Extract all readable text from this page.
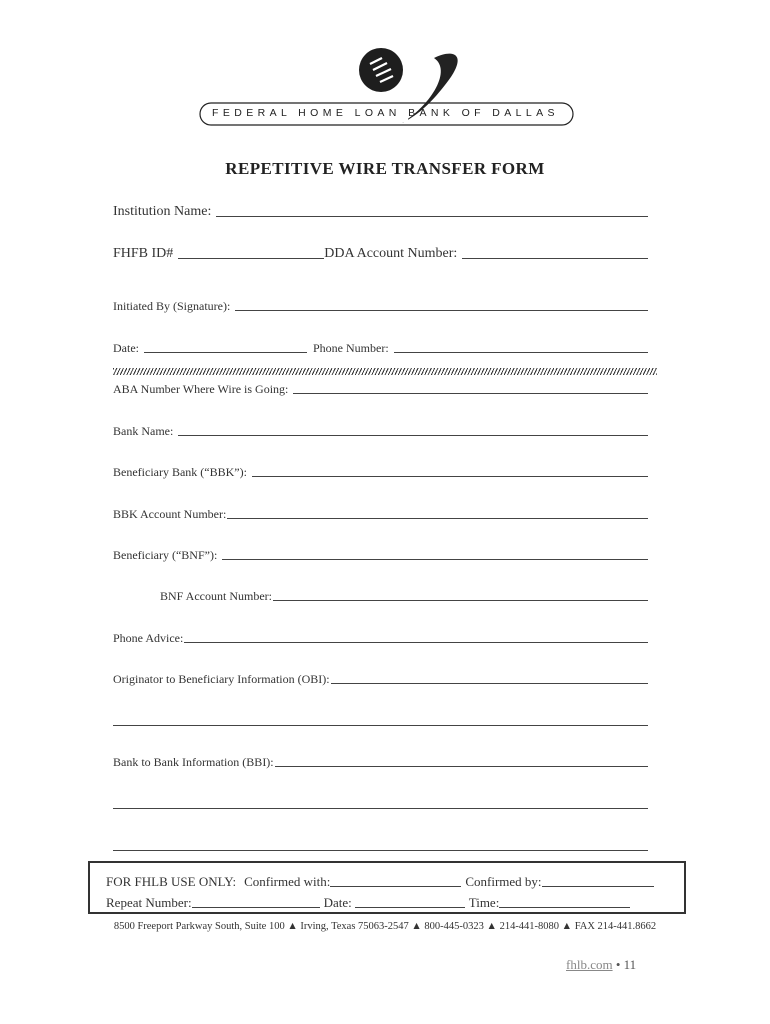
FEDERAL HOME LOAN BANK OF DALLAS
REPETITIVE WIRE TRANSFER FORM
Institution Name:
FHFB ID#	DDA Account Number:
Initiated By (Signature):
Date:	Phone Number:
ABA Number Where Wire is Going:
Bank Name:
Beneficiary Bank (“BBK”):
BBK Account Number:
Beneficiary (“BNF”):
BNF Account Number:
Phone Advice:
Originator to Beneficiary Information (OBI):
Bank to Bank Information (BBI):
FOR FHLB USE ONLY: Confirmed with:	Confirmed by:
Repeat Number:	Date:	Time:
8500 Freeport Parkway South, Suite 100 ▲ Irving, Texas 75063-2547 ▲ 800-445-0323 ▲ 214-441-8080 ▲ FAX 214-441.8662
fhlb.com • 11
